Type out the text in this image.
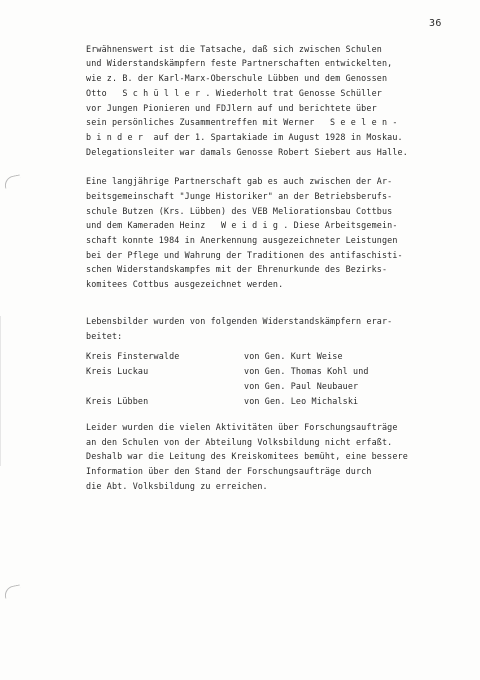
36
Erwähnenswert ist die Tatsache, daß sich zwischen Schulen
und Widerstandskämpfern feste Partnerschaften entwickelten,
wie z. B. der Karl-Marx-Oberschule Lübben und dem Genossen
Otto   S c h ü l l e r . Wiederholt trat Genosse Schüller
vor Jungen Pionieren und FDJlern auf und berichtete über
sein persönliches Zusammentreffen mit Werner   S e e l e n -
b i n d e r  auf der 1. Spartakiade im August 1928 in Moskau.
Delegationsleiter war damals Genosse Robert Siebert aus Halle.
Eine langjährige Partnerschaft gab es auch zwischen der Ar-
beitsgemeinschaft "Junge Historiker" an der Betriebsberufs-
schule Butzen (Krs. Lübben) des VEB Meliorationsbau Cottbus
und dem Kameraden Heinz   W e i d i g . Diese Arbeitsgemein-
schaft konnte 1984 in Anerkennung ausgezeichneter Leistungen
bei der Pflege und Wahrung der Traditionen des antifaschisti-
schen Widerstandskampfes mit der Ehrenurkunde des Bezirks-
komitees Cottbus ausgezeichnet werden.
Lebensbilder wurden von folgenden Widerstandskämpfern erar-
beitet:
Kreis Finsterwalde	von Gen. Kurt Weise
Kreis Luckau	von Gen. Thomas Kohl und
von Gen. Paul Neubauer
Kreis Lübben	von Gen. Leo Michalski
Leider wurden die vielen Aktivitäten über Forschungsaufträge
an den Schulen von der Abteilung Volksbildung nicht erfaßt.
Deshalb war die Leitung des Kreiskomitees bemüht, eine bessere
Information über den Stand der Forschungsaufträge durch
die Abt. Volksbildung zu erreichen.
